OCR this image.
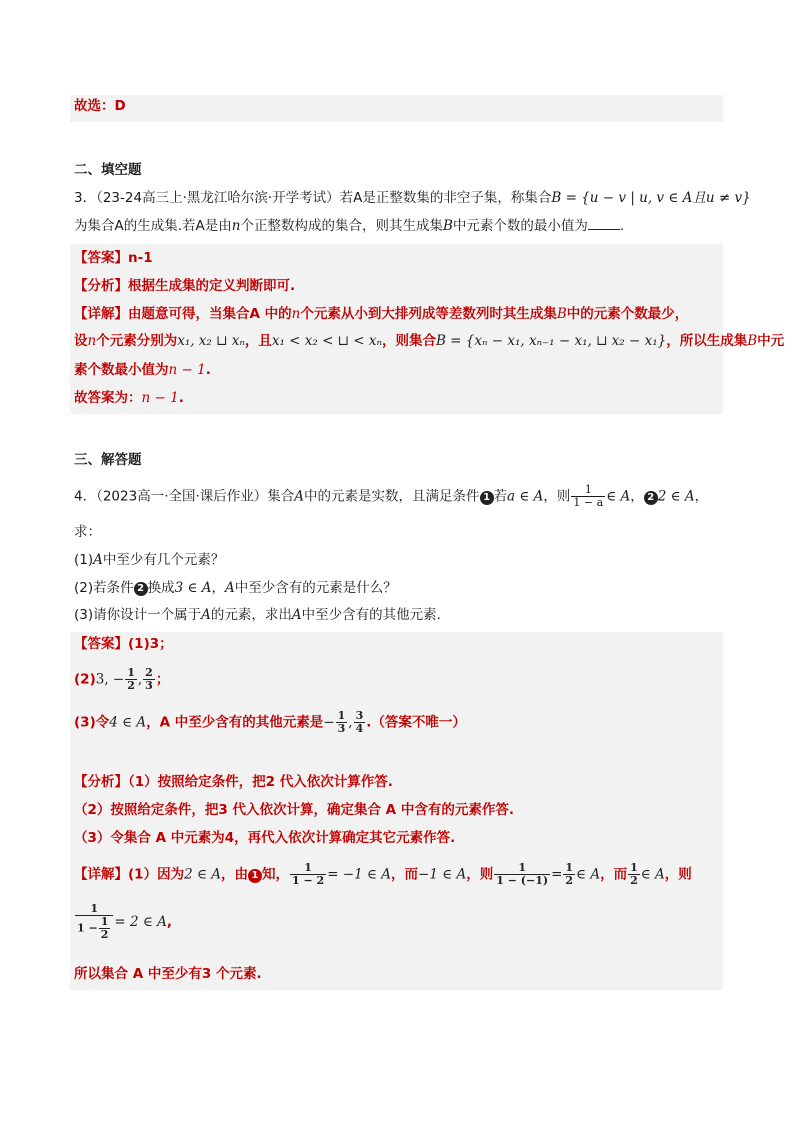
故选：D
二、填空题
3．（23-24高三上·黑龙江哈尔滨·开学考试）若A是正整数集的非空子集，称集合B = {u − v | u, v ∈ A且u ≠ v}
为集合A的生成集.若A是由n个正整数构成的集合，则其生成集B中元素个数的最小值为 .
【答案】n-1
【分析】根据生成集的定义判断即可.
【详解】由题意可得，当集合A 中的n个元素从小到大排列成等差数列时其生成集B中的元素个数最少，
设n个元素分别为x₁, x₂ ⊔ xₙ，且x₁ < x₂ < ⊔ < xₙ，则集合B = {xₙ − x₁, xₙ₋₁ − x₁, ⊔ x₂ − x₁}，所以生成集B中元
素个数最小值为n − 1.
故答案为：n − 1.
三、解答题
4．（2023高一·全国·课后作业）集合A中的元素是实数，且满足条件 1 若a ∈ A，则 $\frac{1}{1 - a}$ ∈ A， 2 2 ∈ A，
求：
(1)A中至少有几个元素？
(2)若条件 2 换成3 ∈ A，A中至少含有的元素是什么？
(3)请你设计一个属于A的元素，求出A中至少含有的其他元素.
【答案】(1)3；
(2)3, − $\frac{1}{2}$ , $\frac{2}{3}$ ；
(3)令4 ∈ A，A 中至少含有的其他元素是− $\frac{1}{3}$ , $\frac{3}{4}$ .（答案不唯一）
【分析】（1）按照给定条件，把2 代入依次计算作答.
（2）按照给定条件，把3 代入依次计算，确定集合 A 中含有的元素作答.
（3）令集合 A 中元素为4，再代入依次计算确定其它元素作答.
【详解】(1）因为2 ∈ A，由 1 知， $\frac{1}{1 - 2} = -1$ ∈ A，而−1 ∈ A，则 $\frac{1}{1 - (-1)} = \frac{1}{2}$ ∈ A，而 $\frac{1}{2}$ ∈ A，则
$\frac{1}{1 - \frac{1}{2}} = 2$ ∈ A,
所以集合 A 中至少有3 个元素.
